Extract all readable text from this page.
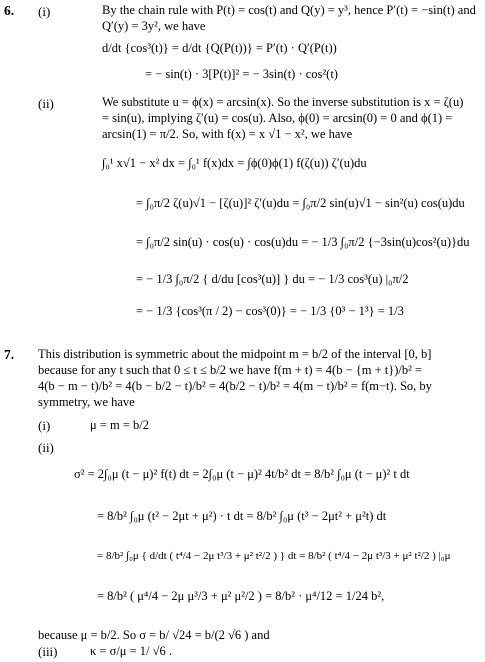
6. (i)	By the chain rule with P(t) = cos(t) and Q(y) = y³, hence P′(t) = −sin(t) and
Q′(y) = 3y², we have
d/dt {cos³(t)} = d/dt {Q(P(t))} = P′(t) · Q′(P(t))
= − sin(t) · 3[P(t)]² = − 3sin(t) · cos²(t)
(ii)	We substitute u = ϕ(x) = arcsin(x). So the inverse substitution is x = ζ(u)
= sin(u), implying ζ′(u) = cos(u). Also, ϕ(0) = arcsin(0) = 0 and ϕ(1) =
arcsin(1) = π/2. So, with f(x) = x √1 − x², we have
∫₀¹ x√1 − x² dx = ∫₀¹ f(x)dx = ∫ϕ(0)ϕ(1) f(ζ(u)) ζ′(u)du
= ∫₀π/2 ζ(u)√1 − [ζ(u)]² ζ′(u)du = ∫₀π/2 sin(u)√1 − sin²(u) cos(u)du
= ∫₀π/2 sin(u) · cos(u) · cos(u)du = − 1/3 ∫₀π/2 {−3sin(u)cos²(u)}du
= − 1/3 ∫₀π/2 { d/du [cos³(u)] } du = − 1/3 cos³(u) |₀π/2
= − 1/3 {cos³(π / 2) − cos³(0)} = − 1/3 {0³ − 1³} = 1/3
7. This distribution is symmetric about the midpoint m = b/2 of the interval [0, b]
because for any t such that 0 ≤ t ≤ b/2 we have f(m + t) = 4(b − {m + t})/b² =
4(b − m − t)/b² = 4(b − b/2 − t)/b² = 4(b/2 − t)/b² = 4(m − t)/b² = f(m−t). So, by
symmetry, we have
(i)	μ = m = b/2
(ii)
σ² = 2∫₀μ (t − μ)² f(t) dt = 2∫₀μ (t − μ)² 4t/b² dt = 8/b² ∫₀μ (t − μ)² t dt
= 8/b² ∫₀μ (t² − 2μt + μ²) · t dt = 8/b² ∫₀μ (t³ − 2μt² + μ²t) dt
= 8/b² ∫₀μ { d/dt ( t⁴/4 − 2μ t³/3 + μ² t²/2 ) } dt = 8/b² ( t⁴/4 − 2μ t³/3 + μ² t²/2 ) |₀μ
= 8/b² ( μ⁴/4 − 2μ μ³/3 + μ² μ²/2 ) = 8/b² · μ⁴/12 = 1/24 b²,
because μ = b/2. So σ = b/ √24 = b/(2 √6 ) and
(iii)	κ = σ/μ = 1/ √6 .
